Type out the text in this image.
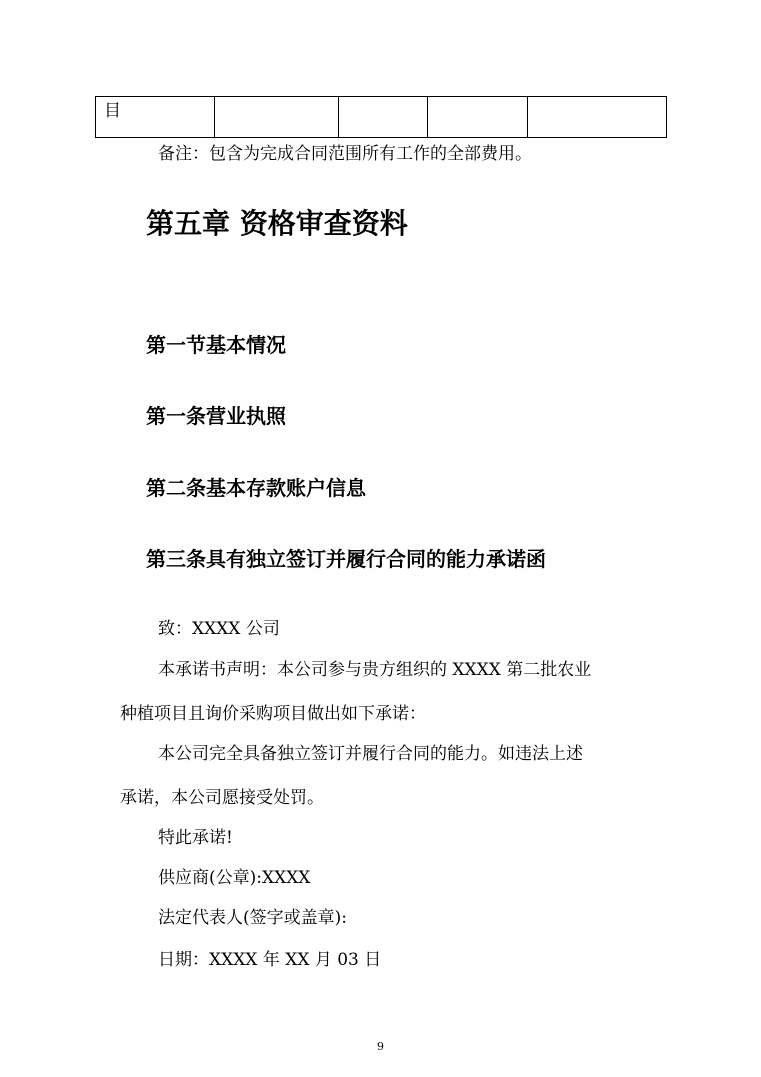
目				
备注：包含为完成合同范围所有工作的全部费用。
第五章 资格审查资料
第一节基本情况
第一条营业执照
第二条基本存款账户信息
第三条具有独立签订并履行合同的能力承诺函
致：XXXX 公司
本承诺书声明：本公司参与贵方组织的 XXXX 第二批农业
种植项目且询价采购项目做出如下承诺：
本公司完全具备独立签订并履行合同的能力。如违法上述
承诺，本公司愿接受处罚。
特此承诺!
供应商(公章):XXXX
法定代表人(签字或盖章):
日期：XXXX 年 XX 月 03 日
9
